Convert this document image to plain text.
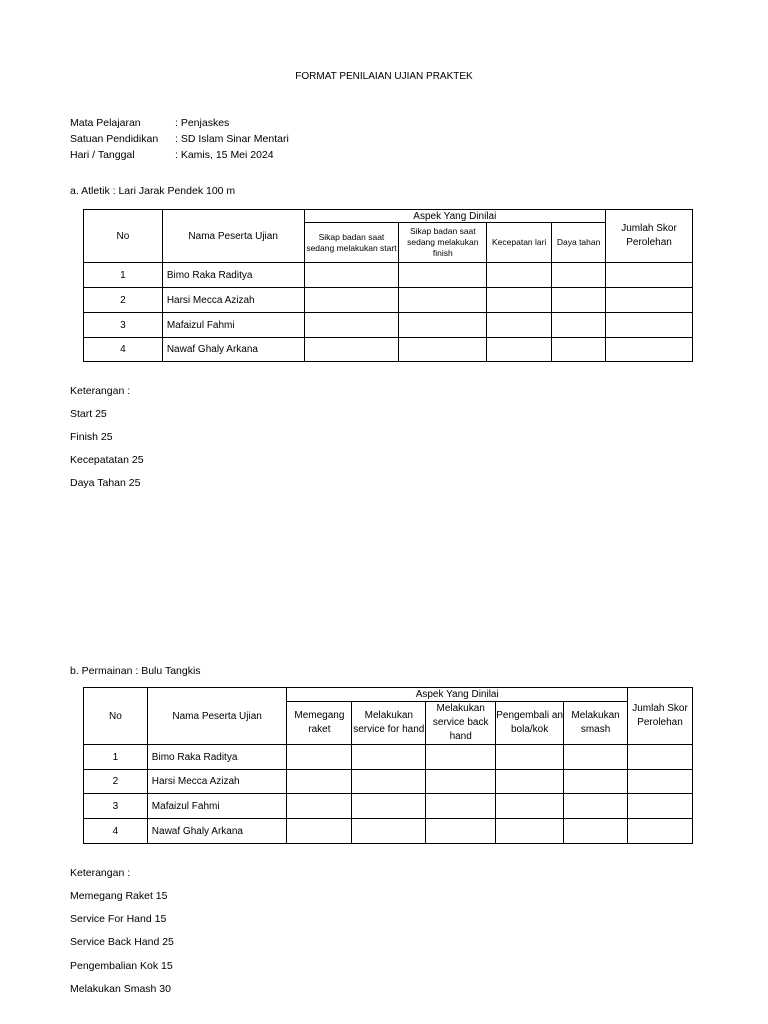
FORMAT PENILAIAN UJIAN PRAKTEK
Mata Pelajaran	: Penjaskes
Satuan Pendidikan	: SD Islam Sinar Mentari
Hari / Tanggal	: Kamis, 15 Mei 2024
a. Atletik : Lari Jarak Pendek 100 m
No	Nama Peserta Ujian	Aspek Yang Dinilai				Jumlah Skor Perolehan
		Sikap badan saat sedang melakukan start	Sikap badan saat sedang melakukan finish	Kecepatan lari	Daya tahan	
1	Bimo Raka Raditya					
2	Harsi Mecca Azizah					
3	Mafaizul Fahmi					
4	Nawaf Ghaly Arkana					
Keterangan :
Start 25
Finish 25
Kecepatatan 25
Daya Tahan 25
b. Permainan : Bulu Tangkis
No	Nama Peserta Ujian	Aspek Yang Dinilai					Jumlah Skor Perolehan
		Memegang raket	Melakukan service for hand	Melakukan service back hand	Pengembali an bola/kok	Melakukan smash	
1	Bimo Raka Raditya						
2	Harsi Mecca Azizah						
3	Mafaizul Fahmi						
4	Nawaf Ghaly Arkana						
Keterangan :
Memegang Raket 15
Service For Hand 15
Service Back Hand 25
Pengembalian Kok 15
Melakukan Smash 30
